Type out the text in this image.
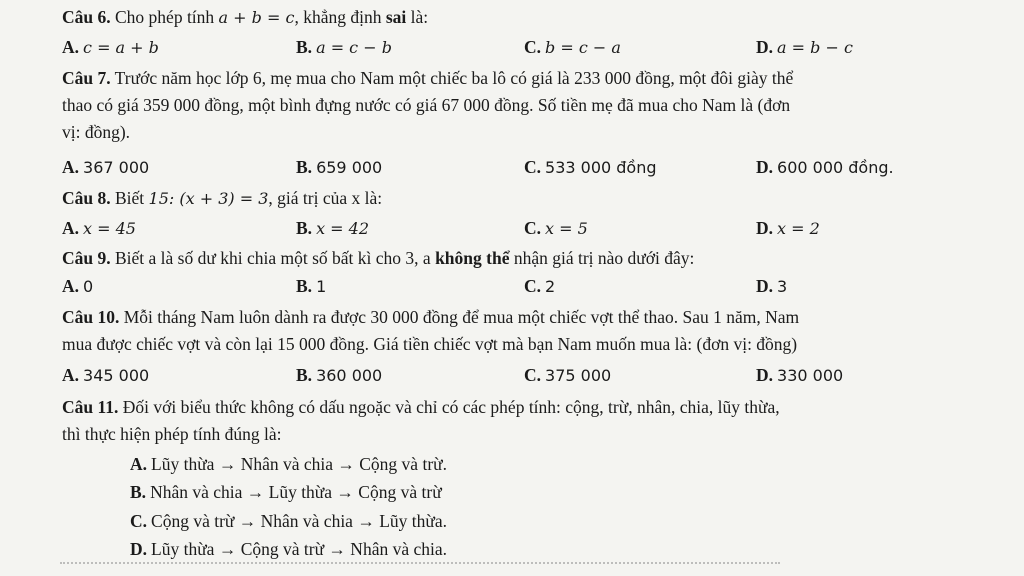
Câu 6. Cho phép tính a + b = c, khẳng định sai là:
A. c = a + b	B. a = c − b	C. b = c − a	D. a = b − c
Câu 7. Trước năm học lớp 6, mẹ mua cho Nam một chiếc ba lô có giá là 233 000 đồng, một đôi giày thể
thao có giá 359 000 đồng, một bình đựng nước có giá 67 000 đồng. Số tiền mẹ đã mua cho Nam là (đơn
vị: đồng).
A. 367 000	B. 659 000	C. 533 000 đồng	D. 600 000 đồng.
Câu 8. Biết 15: (x + 3) = 3, giá trị của x là:
A. x = 45	B. x = 42	C. x = 5	D. x = 2
Câu 9. Biết a là số dư khi chia một số bất kì cho 3, a không thể nhận giá trị nào dưới đây:
A. 0	B. 1	C. 2	D. 3
Câu 10. Mỗi tháng Nam luôn dành ra được 30 000 đồng để mua một chiếc vợt thể thao. Sau 1 năm, Nam
mua được chiếc vợt và còn lại 15 000 đồng. Giá tiền chiếc vợt mà bạn Nam muốn mua là: (đơn vị: đồng)
A. 345 000	B. 360 000	C. 375 000	D. 330 000
Câu 11. Đối với biểu thức không có dấu ngoặc và chỉ có các phép tính: cộng, trừ, nhân, chia, lũy thừa,
thì thực hiện phép tính đúng là:
A. Lũy thừa → Nhân và chia → Cộng và trừ.
B. Nhân và chia → Lũy thừa → Cộng và trừ
C. Cộng và trừ → Nhân và chia → Lũy thừa.
D. Lũy thừa → Cộng và trừ → Nhân và chia.
